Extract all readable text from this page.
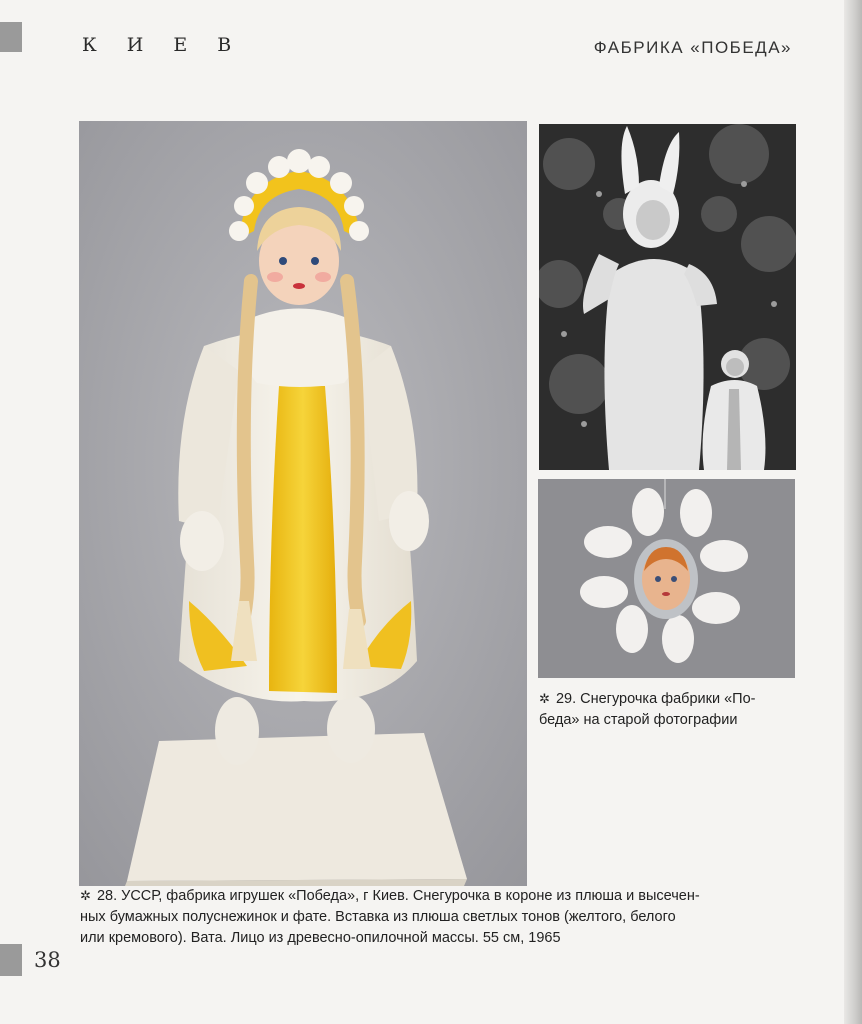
К И Е В	ФАБРИКА «ПОБЕДА»
✲ 29. Снегурочка фабрики «По-
беда» на старой фотографии
✲ 28. УССР, фабрика игрушек «Победа», г Киев. Снегурочка в короне из плюша и высечен-
ных бумажных полуснежинок и фате. Вставка из плюша светлых тонов (желтого, белого
или кремового). Вата. Лицо из древесно-опилочной массы. 55 см, 1965
38
